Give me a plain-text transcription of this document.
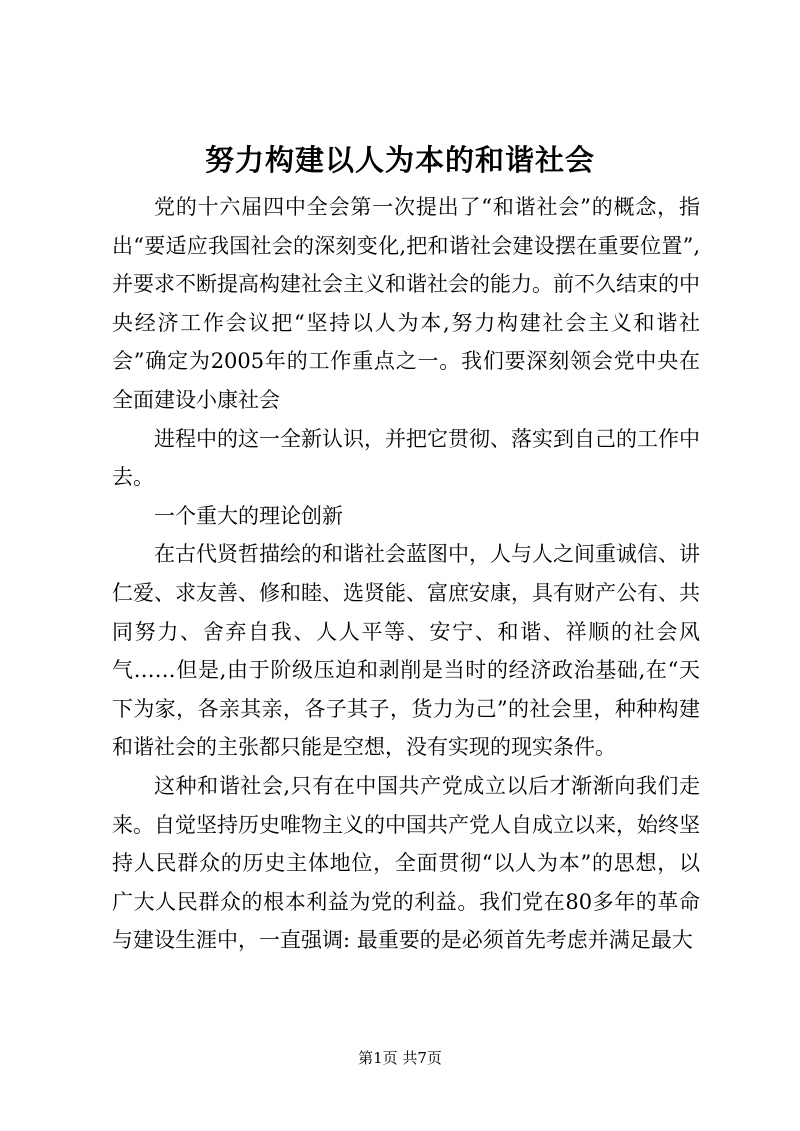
努力构建以人为本的和谐社会

党的十六届四中全会第一次提出了“和谐社会”的概念，指出“要适应我国社会的深刻变化,把和谐社会建设摆在重要位置”,并要求不断提高构建社会主义和谐社会的能力。前不久结束的中央经济工作会议把“坚持以人为本,努力构建社会主义和谐社会”确定为2005年的工作重点之一。我们要深刻领会党中央在全面建设小康社会

进程中的这一全新认识，并把它贯彻、落实到自己的工作中去。

一个重大的理论创新

在古代贤哲描绘的和谐社会蓝图中，人与人之间重诚信、讲仁爱、求友善、修和睦、选贤能、富庶安康，具有财产公有、共同努力、舍弃自我、人人平等、安宁、和谐、祥顺的社会风气……但是,由于阶级压迫和剥削是当时的经济政治基础,在“天下为家，各亲其亲，各子其子，货力为己”的社会里，种种构建和谐社会的主张都只能是空想，没有实现的现实条件。

这种和谐社会,只有在中国共产党成立以后才渐渐向我们走来。自觉坚持历史唯物主义的中国共产党人自成立以来，始终坚持人民群众的历史主体地位，全面贯彻“以人为本”的思想，以广大人民群众的根本利益为党的利益。我们党在80多年的革命与建设生涯中，一直强调: 最重要的是必须首先考虑并满足最大

第1页 共7页
